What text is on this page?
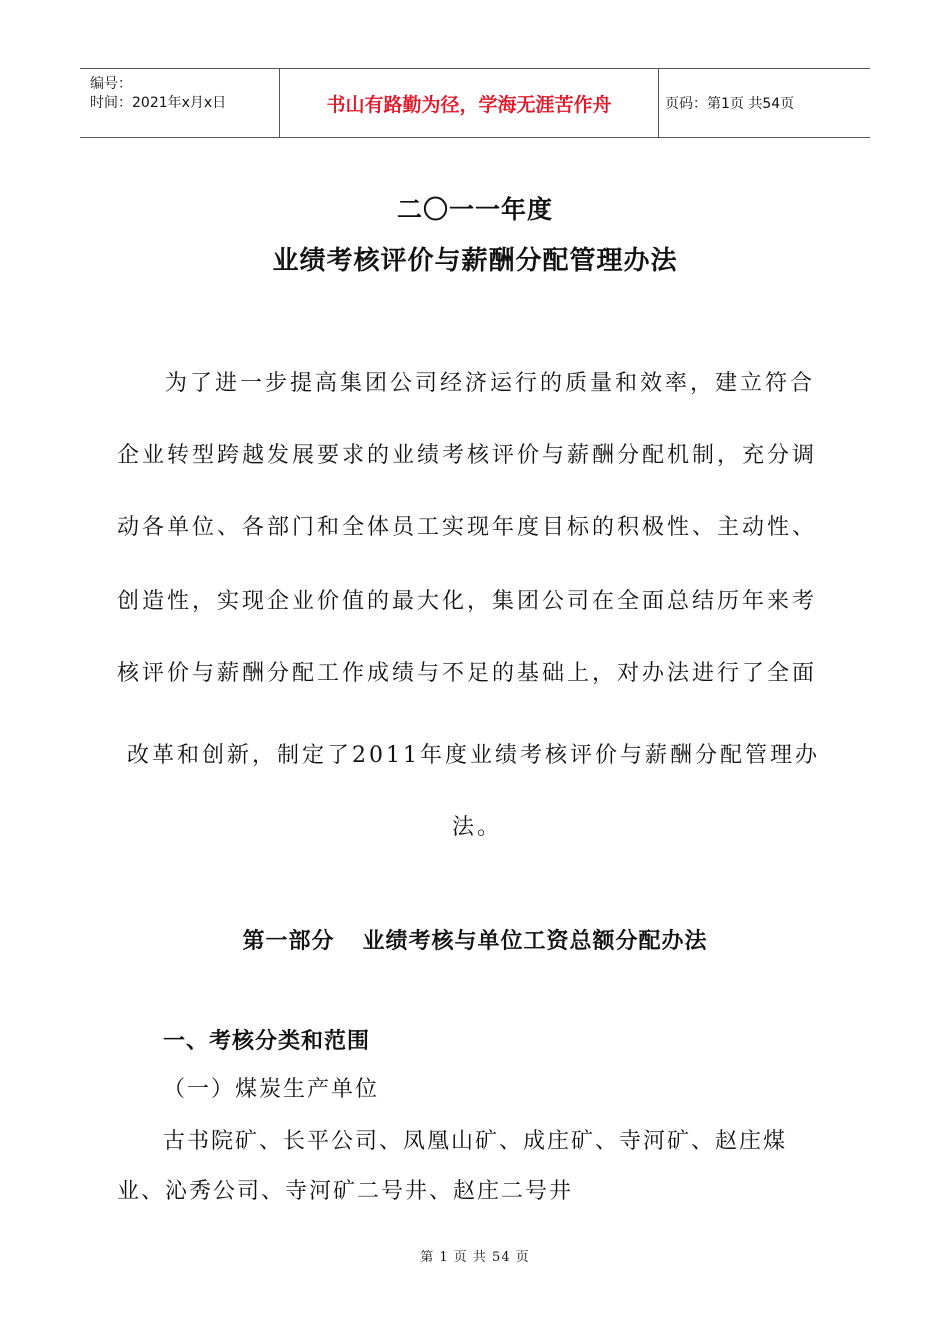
编号：
时间：2021年x月x日	书山有路勤为径，学海无涯苦作舟	页码：第1页 共54页
二〇一一年度
业绩考核评价与薪酬分配管理办法
为了进一步提高集团公司经济运行的质量和效率，建立符合
企业转型跨越发展要求的业绩考核评价与薪酬分配机制，充分调
动各单位、各部门和全体员工实现年度目标的积极性、主动性、
创造性，实现企业价值的最大化，集团公司在全面总结历年来考
核评价与薪酬分配工作成绩与不足的基础上，对办法进行了全面
改革和创新，制定了2011年度业绩考核评价与薪酬分配管理办
法。
第一部分 业绩考核与单位工资总额分配办法
一、考核分类和范围
（一）煤炭生产单位
古书院矿、长平公司、凤凰山矿、成庄矿、寺河矿、赵庄煤
业、沁秀公司、寺河矿二号井、赵庄二号井
第 1 页 共 54 页
